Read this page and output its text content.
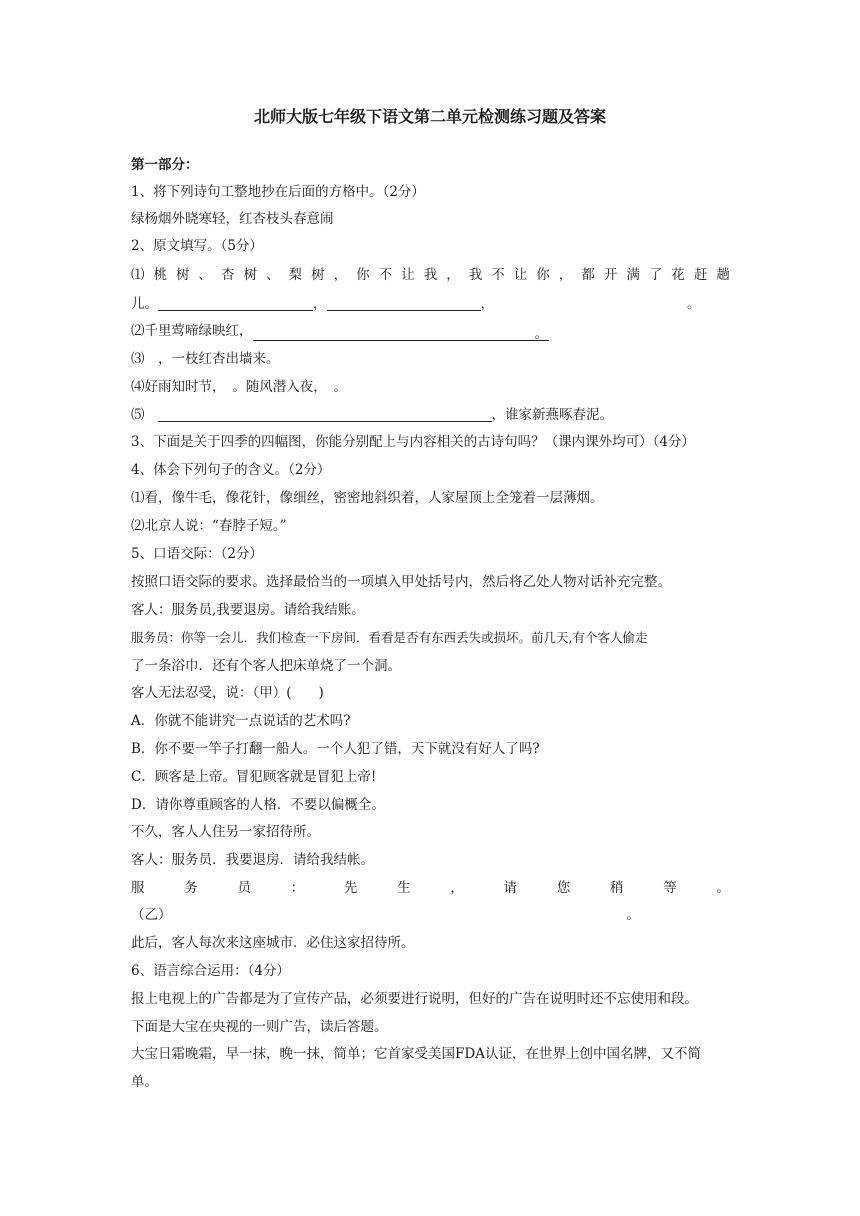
北师大版七年级下语文第二单元检测练习题及答案
第一部分：
1、将下列诗句工整地抄在后面的方格中。（2分）
绿杨烟外晓寒轻，红杏枝头春意闹
2、原文填写。（5分）
⑴ 桃 树 、 杏 树 、 梨 树 ， 你 不 让 我 ， 我 不 让 你 ， 都 开 满 了 花 赶 趟
儿。	，	，	。
⑵千里莺啼绿映红，	。
⑶　，一枝红杏出墙来。
⑷好雨知时节，　。随风潜入夜，　。
⑸	，谁家新燕啄春泥。
3、下面是关于四季的四幅图，你能分别配上与内容相关的古诗句吗？（课内课外均可）（4分）
4、体会下列句子的含义。（2分）
⑴看，像牛毛，像花针，像细丝，密密地斜织着，人家屋顶上全笼着一层薄烟。
⑵北京人说：“春脖子短。”
5、口语交际：（2分）
按照口语交际的要求。选择最恰当的一项填入甲处括号内，然后将乙处人物对话补充完整。
客人：服务员,我要退房。请给我结账。
服务员：你等一会儿．我们检查一下房间．看看是否有东西丢失或损坏。前几天,有个客人偷走
了一条浴巾．还有个客人把床单烧了一个洞。
客人无法忍受，说：（甲）(　　)
A．你就不能讲究一点说话的艺术吗?
B．你不要一竿子打翻一船人。一个人犯了错，天下就没有好人了吗?
C．顾客是上帝。冒犯顾客就是冒犯上帝!
D．请你尊重顾客的人格．不要以偏概全。
不久，客人人住另一家招待所。
客人：服务员．我要退房．请给我结帐。
服	务	员	：	先	生	，	请	您	稍	等	。
（乙）	。
此后，客人每次来这座城市．必住这家招待所。
6、语言综合运用：（4分）
报上电视上的广告都是为了宣传产品，必须要进行说明，但好的广告在说明时还不忘使用和段。
下面是大宝在央视的一则广告，读后答题。
大宝日霜晚霜，早一抹，晚一抹，简单；它首家受美国FDA认证，在世界上创中国名牌，又不简
单。
